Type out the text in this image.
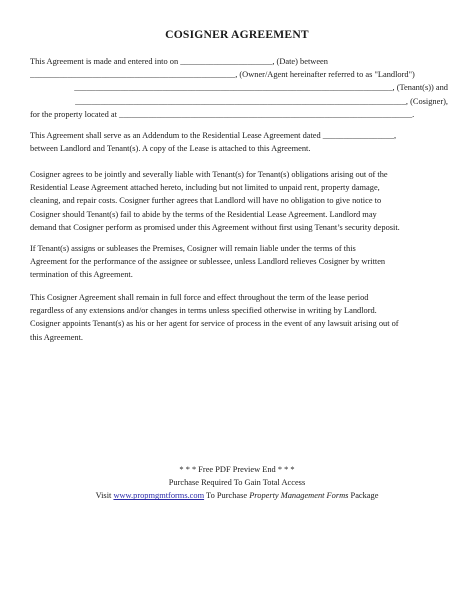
COSIGNER AGREEMENT
This Agreement is made and entered into on ______________________, (Date) between
_________________________________________________, (Owner/Agent hereinafter referred to as "Landlord")
____________________________________________________________________________, (Tenant(s)) and
_______________________________________________________________________________, (Cosigner),
for the property located at ______________________________________________________________________.
This Agreement shall serve as an Addendum to the Residential Lease Agreement dated _________________,
between Landlord and Tenant(s). A copy of the Lease is attached to this Agreement.
Cosigner agrees to be jointly and severally liable with Tenant(s) for Tenant(s) obligations arising out of the
Residential Lease Agreement attached hereto, including but not limited to unpaid rent, property damage,
cleaning, and repair costs. Cosigner further agrees that Landlord will have no obligation to give notice to
Cosigner should Tenant(s) fail to abide by the terms of the Residential Lease Agreement. Landlord may
demand that Cosigner perform as promised under this Agreement without first using Tenant’s security deposit.
If Tenant(s) assigns or subleases the Premises, Cosigner will remain liable under the terms of this
Agreement for the performance of the assignee or sublessee, unless Landlord relieves Cosigner by written
termination of this Agreement.
This Cosigner Agreement shall remain in full force and effect throughout the term of the lease period
regardless of any extensions and/or changes in terms unless specified otherwise in writing by Landlord.
Cosigner appoints Tenant(s) as his or her agent for service of process in the event of any lawsuit arising out of
this Agreement.
* * * Free PDF Preview End * * *
Purchase Required To Gain Total Access
Visit www.propmgmtforms.com To Purchase Property Management Forms Package
